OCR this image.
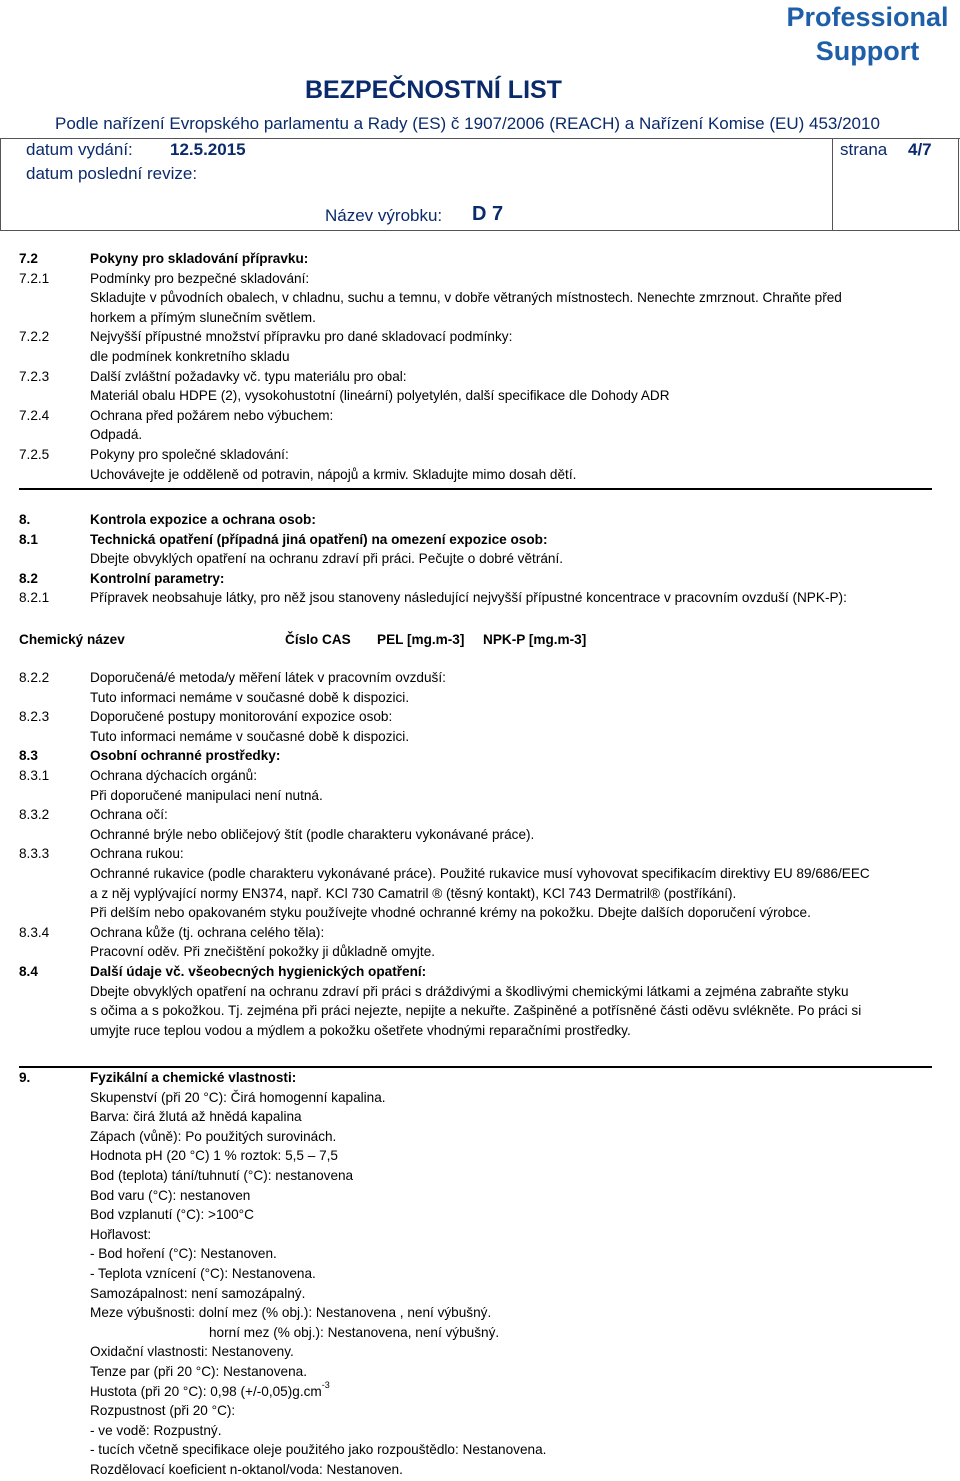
Professional
Support
BEZPEČNOSTNÍ LIST
Podle nařízení Evropského parlamentu a Rady (ES) č 1907/2006 (REACH) a Nařízení Komise (EU) 453/2010
datum vydání: 12.5.2015
datum poslední revize:
strana 4/7
Název výrobku: D 7
7.2	Pokyny pro skladování přípravku:
7.2.1	Podmínky pro bezpečné skladování:
Skladujte v původních obalech, v chladnu, suchu a temnu, v dobře větraných místnostech. Nenechte zmrznout. Chraňte před
horkem a přímým slunečním světlem.
7.2.2	Nejvyšší přípustné množství přípravku pro dané skladovací podmínky:
dle podmínek konkretního skladu
7.2.3	Další zvláštní požadavky vč. typu materiálu pro obal:
Materiál obalu HDPE (2), vysokohustotní (lineární) polyetylén, další specifikace dle Dohody ADR
7.2.4	Ochrana před požárem nebo výbuchem:
Odpadá.
7.2.5	Pokyny pro společné skladování:
Uchovávejte je odděleně od potravin, nápojů a krmiv. Skladujte mimo dosah dětí.
8.	Kontrola expozice a ochrana osob:
8.1	Technická opatření (případná jiná opatření) na omezení expozice osob:
Dbejte obvyklých opatření na ochranu zdraví při práci. Pečujte o dobré větrání.
8.2	Kontrolní parametry:
8.2.1	Přípravek neobsahuje látky, pro něž jsou stanoveny následující nejvyšší přípustné koncentrace v pracovním ovzduší (NPK-P):
Chemický název	Číslo CAS PEL [mg.m-3] NPK-P [mg.m-3]
8.2.2	Doporučená/é metoda/y měření látek v pracovním ovzduší:
Tuto informaci nemáme v současné době k dispozici.
8.2.3	Doporučené postupy monitorování expozice osob:
Tuto informaci nemáme v současné době k dispozici.
8.3	Osobní ochranné prostředky:
8.3.1	Ochrana dýchacích orgánů:
Při doporučené manipulaci není nutná.
8.3.2	Ochrana očí:
Ochranné brýle nebo obličejový štít (podle charakteru vykonávané práce).
8.3.3	Ochrana rukou:
Ochranné rukavice (podle charakteru vykonávané práce). Použité rukavice musí vyhovovat specifikacím direktivy EU 89/686/EEC
a z něj vyplývající normy EN374, např. KCl 730 Camatril ® (těsný kontakt), KCl 743 Dermatril® (postříkání).
Při delším nebo opakovaném styku používejte vhodné ochranné krémy na pokožku. Dbejte dalších doporučení výrobce.
8.3.4	Ochrana kůže (tj. ochrana celého těla):
Pracovní oděv. Při znečištění pokožky ji důkladně omyjte.
8.4	Další údaje vč. všeobecných hygienických opatření:
Dbejte obvyklých opatření na ochranu zdraví při práci s dráždivými a škodlivými chemickými látkami a zejména zabraňte styku
s očima a s pokožkou. Tj. zejména při práci nejezte, nepijte a nekuřte. Zašpiněné a potřísněné části oděvu svlékněte. Po práci si
umyjte ruce teplou vodou a mýdlem a pokožku ošetřete vhodnými reparačními prostředky.
9.	Fyzikální a chemické vlastnosti:
Skupenství (při 20 °C): Čirá homogenní kapalina.
Barva: čirá žlutá až hnědá kapalina
Zápach (vůně): Po použitých surovinách.
Hodnota pH (20 °C) 1 % roztok: 5,5 – 7,5
Bod (teplota) tání/tuhnutí (°C): nestanovena
Bod varu (°C): nestanoven
Bod vzplanutí (°C): >100°C
Hořlavost:
- Bod hoření (°C): Nestanoven.
- Teplota vznícení (°C): Nestanovena.
Samozápalnost: není samozápalný.
Meze výbušnosti: dolní mez (% obj.): Nestanovena , není výbušný.
horní mez (% obj.): Nestanovena, není výbušný.
Oxidační vlastnosti: Nestanoveny.
Tenze par (při 20 °C): Nestanovena.
Hustota (při 20 °C): 0,98 $(+/-0,05)g.cm^{-3}$
Rozpustnost (při 20 °C):
- ve vodě: Rozpustný.
- tucích včetně specifikace oleje použitého jako rozpouštědlo: Nestanovena.
Rozdělovací koeficient n-oktanol/voda: Nestanoven.
